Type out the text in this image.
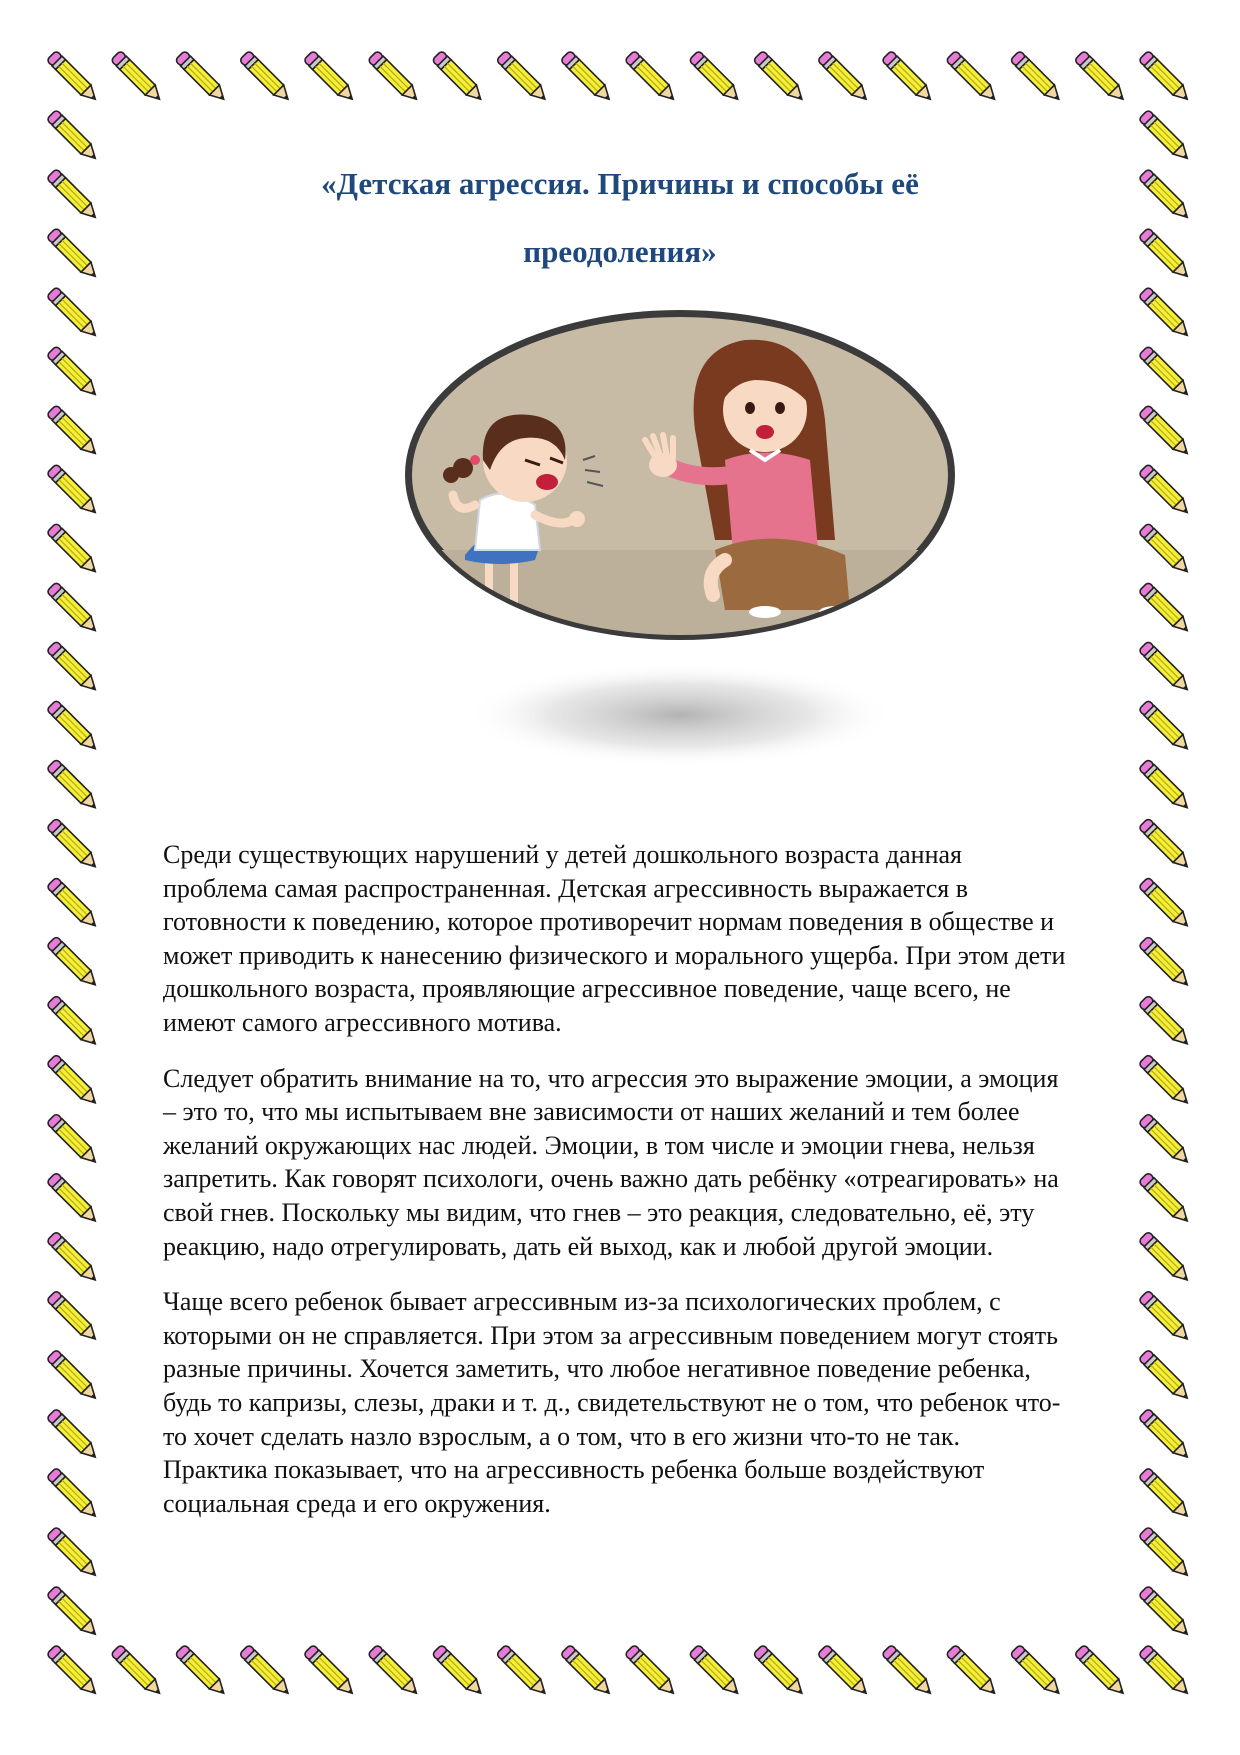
«Детская агрессия. Причины и способы её
преодоления»

Среди существующих нарушений у детей дошкольного возраста данная
проблема самая распространенная. Детская агрессивность выражается в
готовности к поведению, которое противоречит нормам поведения в обществе и
может приводить к нанесению физического и морального ущерба. При этом дети
дошкольного возраста, проявляющие агрессивное поведение, чаще всего, не
имеют самого агрессивного мотива.

Следует обратить внимание на то, что агрессия это выражение эмоции, а эмоция
– это то, что мы испытываем вне зависимости от наших желаний и тем более
желаний окружающих нас людей. Эмоции, в том числе и эмоции гнева, нельзя
запретить. Как говорят психологи, очень важно дать ребёнку «отреагировать» на
свой гнев. Поскольку мы видим, что гнев – это реакция, следовательно, её, эту
реакцию, надо отрегулировать, дать ей выход, как и любой другой эмоции.

Чаще всего ребенок бывает агрессивным из-за психологических проблем, с
которыми он не справляется. При этом за агрессивным поведением могут стоять
разные причины. Хочется заметить, что любое негативное поведение ребенка,
будь то капризы, слезы, драки и т. д., свидетельствуют не о том, что ребенок что-
то хочет сделать назло взрослым, а о том, что в его жизни что-то не так.
Практика показывает, что на агрессивность ребенка больше воздействуют
социальная среда и его окружения.
